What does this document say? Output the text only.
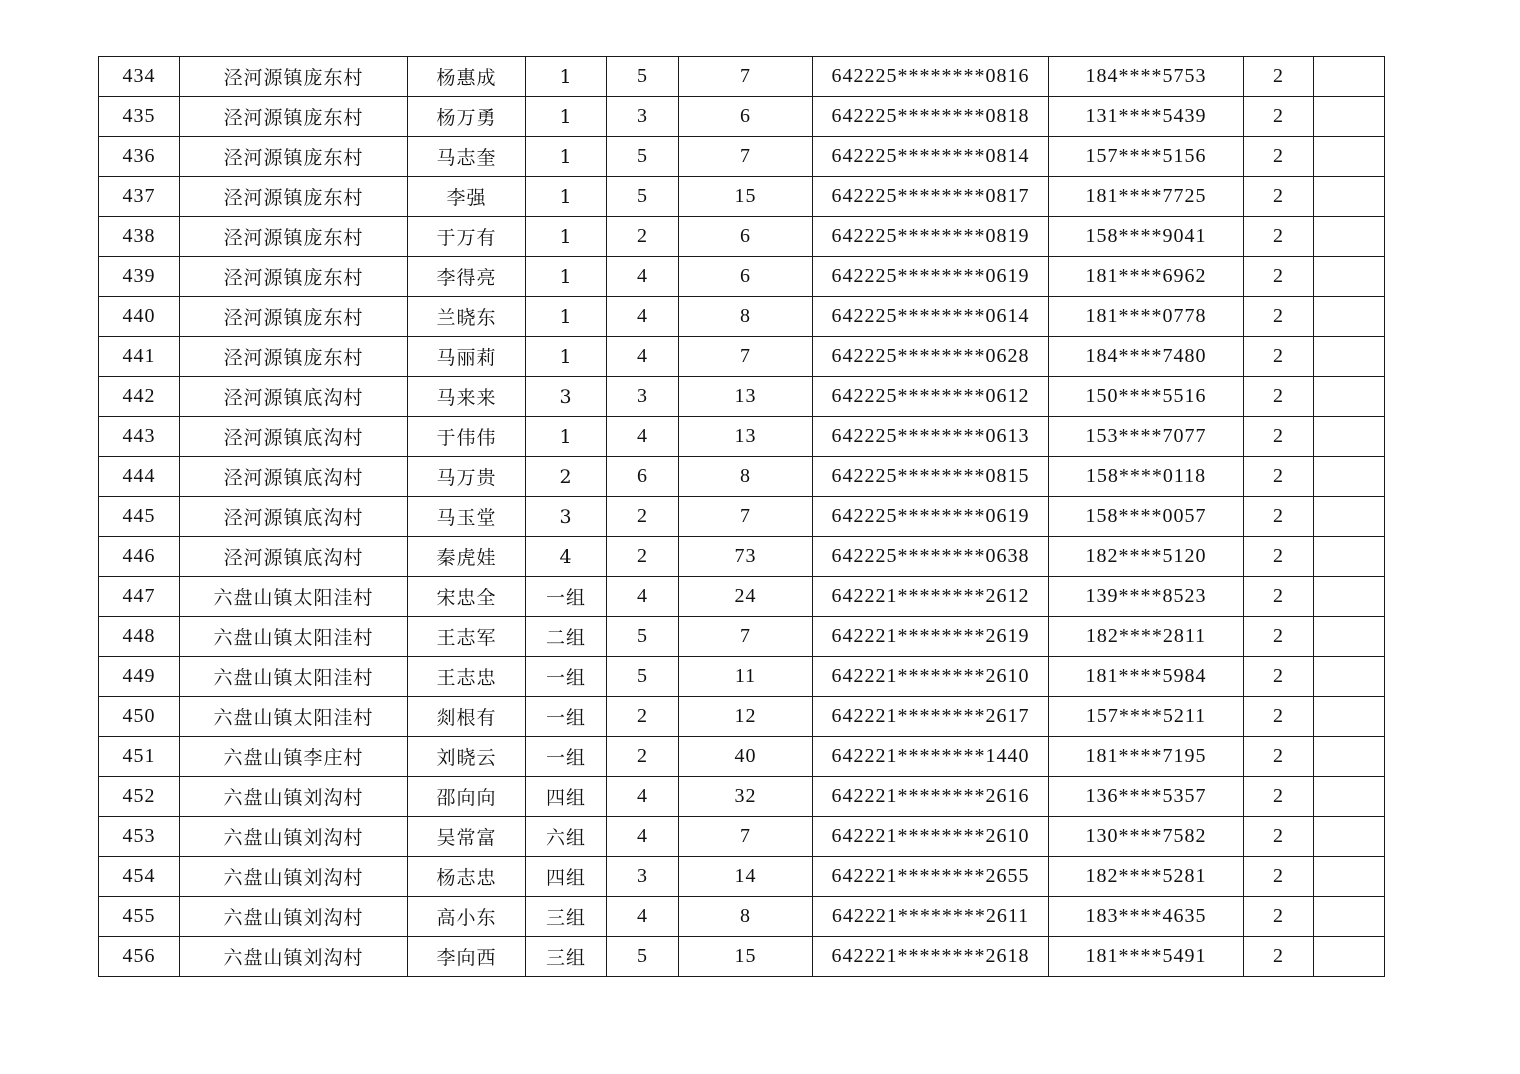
434	泾河源镇庞东村	杨惠成	1	5	7	642225********0816	184****5753	2	
435	泾河源镇庞东村	杨万勇	1	3	6	642225********0818	131****5439	2	
436	泾河源镇庞东村	马志奎	1	5	7	642225********0814	157****5156	2	
437	泾河源镇庞东村	李强	1	5	15	642225********0817	181****7725	2	
438	泾河源镇庞东村	于万有	1	2	6	642225********0819	158****9041	2	
439	泾河源镇庞东村	李得亮	1	4	6	642225********0619	181****6962	2	
440	泾河源镇庞东村	兰晓东	1	4	8	642225********0614	181****0778	2	
441	泾河源镇庞东村	马丽莉	1	4	7	642225********0628	184****7480	2	
442	泾河源镇底沟村	马来来	3	3	13	642225********0612	150****5516	2	
443	泾河源镇底沟村	于伟伟	1	4	13	642225********0613	153****7077	2	
444	泾河源镇底沟村	马万贵	2	6	8	642225********0815	158****0118	2	
445	泾河源镇底沟村	马玉堂	3	2	7	642225********0619	158****0057	2	
446	泾河源镇底沟村	秦虎娃	4	2	73	642225********0638	182****5120	2	
447	六盘山镇太阳洼村	宋忠全	一组	4	24	642221********2612	139****8523	2	
448	六盘山镇太阳洼村	王志军	二组	5	7	642221********2619	182****2811	2	
449	六盘山镇太阳洼村	王志忠	一组	5	11	642221********2610	181****5984	2	
450	六盘山镇太阳洼村	剡根有	一组	2	12	642221********2617	157****5211	2	
451	六盘山镇李庄村	刘晓云	一组	2	40	642221********1440	181****7195	2	
452	六盘山镇刘沟村	邵向向	四组	4	32	642221********2616	136****5357	2	
453	六盘山镇刘沟村	吴常富	六组	4	7	642221********2610	130****7582	2	
454	六盘山镇刘沟村	杨志忠	四组	3	14	642221********2655	182****5281	2	
455	六盘山镇刘沟村	高小东	三组	4	8	642221********2611	183****4635	2	
456	六盘山镇刘沟村	李向西	三组	5	15	642221********2618	181****5491	2	
